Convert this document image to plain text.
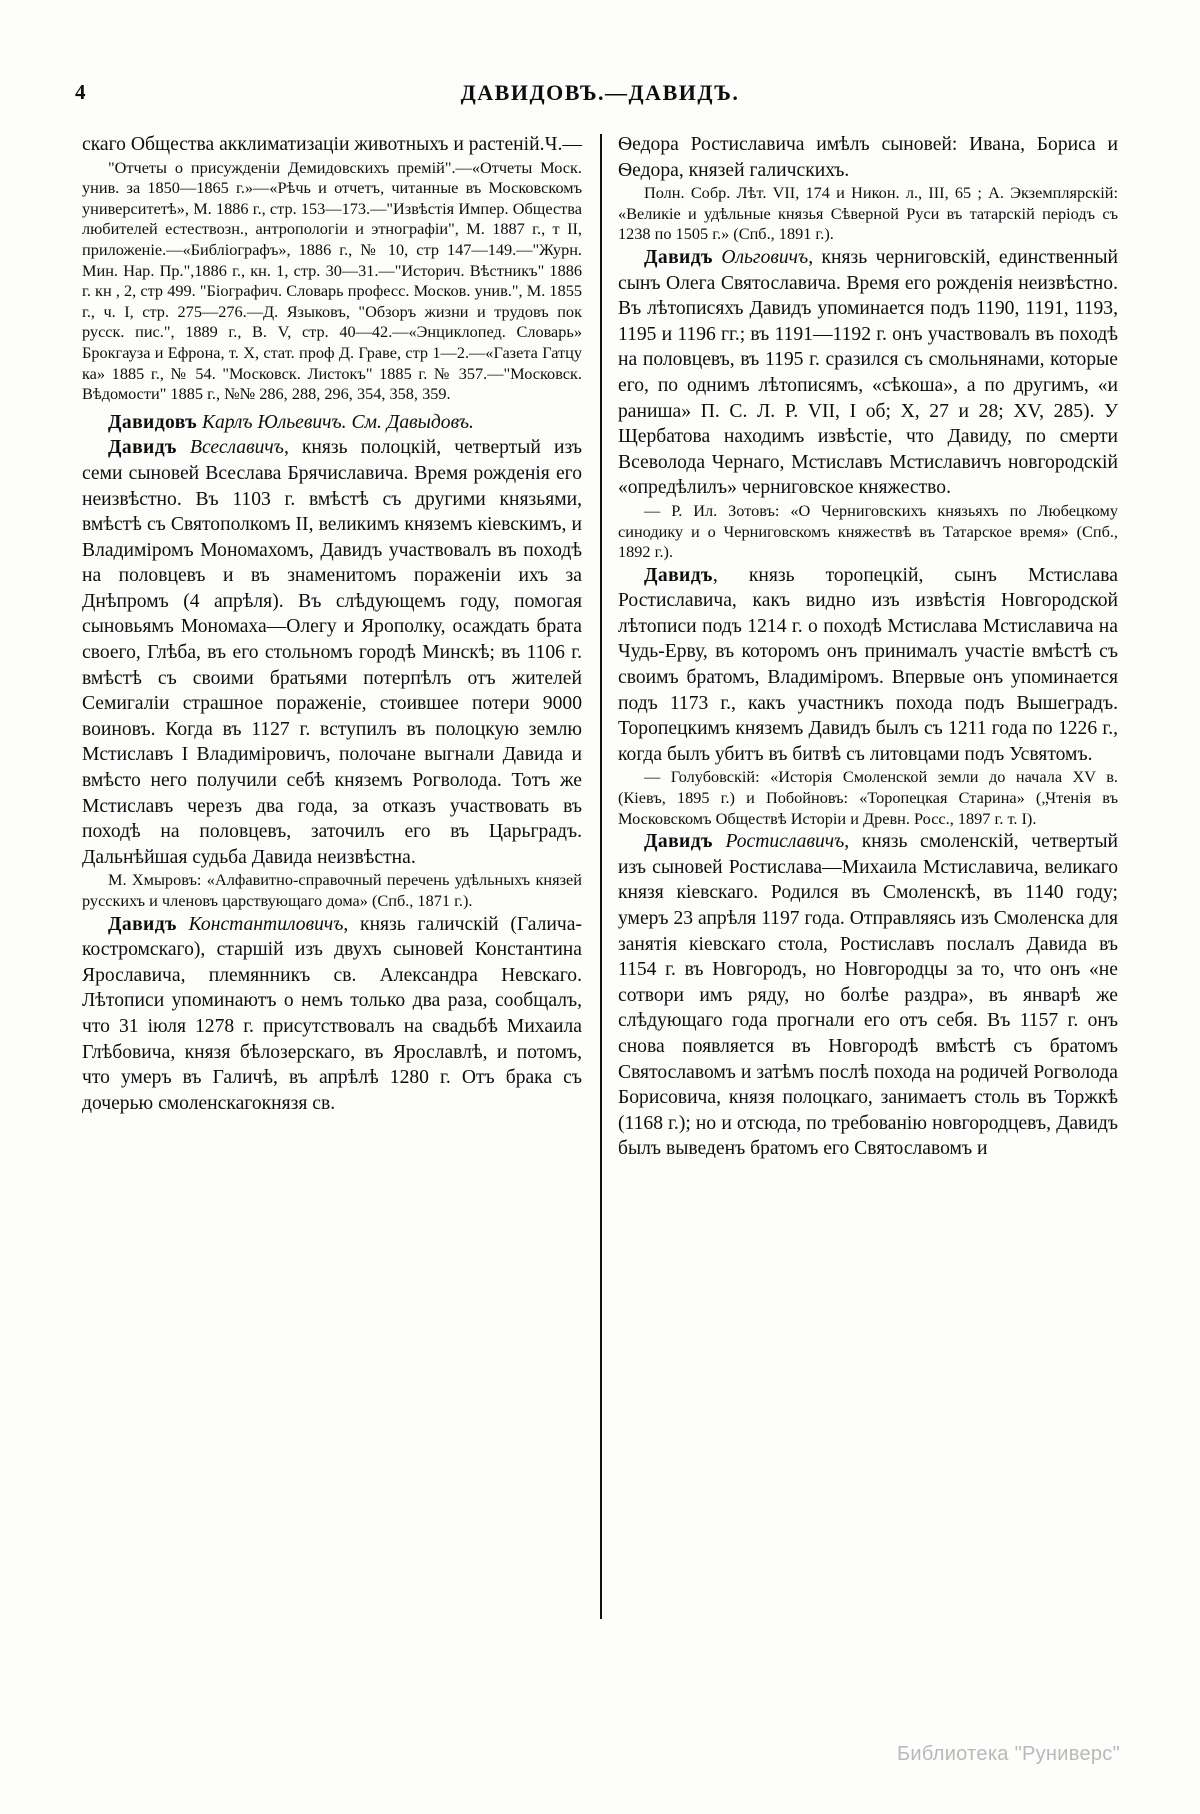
4	ДАВИДОВЪ.—ДАВИДЪ.

скаго Общества акклиматизаціи животныхъ и растеній. Ч.—

"Отчеты о присужденіи Демидовскихъ премій".—«Отчеты Моск. унив. за 1850—1865 г.»—«Рѣчь и отчетъ, читанные въ Московскомъ университетѣ», М. 1886 г., стр. 153—173.—"Извѣстія Импер. Общества любителей естествозн., антропологіи и этнографіи", М. 1887 г., т II, приложеніе.—«Библіографъ», 1886 г., № 10, стр 147—149.—"Журн. Мин. Нар. Пр.",1886 г., кн. 1, стр. 30—31.—"Историч. Вѣстникъ" 1886 г. кн , 2, стр 499. "Біографич. Словарь професс. Москов. унив.", М. 1855 г., ч. I, стр. 275—276.—Д. Языковъ, "Обзоръ жизни и трудовъ пок русск. пис.", 1889 г., В. V, стр. 40—42.—«Энциклопед. Словарь» Брокгауза и Ефрона, т. X, стат. проф Д. Граве, стр 1—2.—«Газета Гатцу ка» 1885 г., № 54. "Московск. Листокъ" 1885 г. № 357.—"Московск. Вѣдомости" 1885 г., №№ 286, 288, 296, 354, 358, 359.

Давидовъ Карлъ Юльевичъ. См. Давыдовъ.

Давидъ Всеславичъ, князь полоцкій, четвертый изъ семи сыновей Всеслава Брячиславича. Время рожденія его неизвѣстно. Въ 1103 г. вмѣстѣ съ другими князьями, вмѣстѣ съ Святополкомъ II, великимъ княземъ кіевскимъ, и Владиміромъ Мономахомъ, Давидъ участвовалъ въ походѣ на половцевъ и въ знаменитомъ пораженіи ихъ за Днѣпромъ (4 апрѣля). Въ слѣдующемъ году, помогая сыновьямъ Мономаха—Олегу и Ярополку, осаждать брата своего, Глѣба, въ его стольномъ городѣ Минскѣ; въ 1106 г. вмѣстѣ съ своими братьями потерпѣлъ отъ жителей Семигаліи страшное пораженіе, стоившее потери 9000 воиновъ. Когда въ 1127 г. вступилъ въ полоцкую землю Мстиславъ I Владиміровичъ, полочане выгнали Давида и вмѣсто него получили себѣ княземъ Рогволода. Тотъ же Мстиславъ черезъ два года, за отказъ участвовать въ походѣ на половцевъ, заточилъ его въ Царьградъ. Дальнѣйшая судьба Давида неизвѣстна.

М. Хмыровъ: «Алфавитно-справочный перечень удѣльныхъ князей русскихъ и членовъ царствующаго дома» (Спб., 1871 г.).

Давидъ Константиловичъ, князь галичскій (Галича-костромскаго), старшій изъ двухъ сыновей Константина Ярославича, племянникъ св. Александра Невскаго. Лѣтописи упоминаютъ о немъ только два раза, сообщалъ, что 31 іюля 1278 г. присутствовалъ на свадьбѣ Михаила Глѣбовича, князя бѣлозерскаго, въ Ярославлѣ, и потомъ, что умеръ въ Галичѣ, въ апрѣлѣ 1280 г. Отъ брака съ дочерью смоленскагокнязя св.

Ѳедора Ростиславича имѣлъ сыновей: Ивана, Бориса и Ѳедора, князей галичскихъ.

Полн. Собр. Лѣт. VII, 174 и Никон. л., III, 65 ; А. Экземплярскій: «Великіе и удѣльные князья Сѣверной Руси въ татарскій періодъ съ 1238 по 1505 г.» (Спб., 1891 г.).

Давидъ Ольговичъ, князь черниговскій, единственный сынъ Олега Святославича. Время его рожденія неизвѣстно. Въ лѣтописяхъ Давидъ упоминается подъ 1190, 1191, 1193, 1195 и 1196 гг.; въ 1191—1192 г. онъ участвовалъ въ походѣ на половцевъ, въ 1195 г. сразился съ смольнянами, которые его, по однимъ лѣтописямъ, «сѣкоша», а по другимъ, «и раниша» П. С. Л. Р. VII, I об; X, 27 и 28; XV, 285). У Щербатова находимъ извѣстіе, что Давиду, по смерти Всеволода Чернаго, Мстиславъ Мстиславичъ новгородскій «опредѣлилъ» черниговское княжество.

— Р. Ил. Зотовъ: «О Черниговскихъ князьяхъ по Любецкому синодику и о Черниговскомъ княжествѣ въ Татарское время» (Спб., 1892 г.).

Давидъ, князь торопецкій, сынъ Мстислава Ростиславича, какъ видно изъ извѣстія Новгородской лѣтописи подъ 1214 г. о походѣ Мстислава Мстиславича на Чудь-Ерву, въ которомъ онъ принималъ участіе вмѣстѣ съ своимъ братомъ, Владиміромъ. Впервые онъ упоминается подъ 1173 г., какъ участникъ похода подъ Вышеградъ. Торопецкимъ княземъ Давидъ былъ съ 1211 года по 1226 г., когда былъ убитъ въ битвѣ съ литовцами подъ Усвятомъ.

— Голубовскій: «Исторія Смоленской земли до начала XV в. (Кіевъ, 1895 г.) и Побойновъ: «Торопецкая Старина» („Чтенія въ Московскомъ Обществѣ Исторіи и Древн. Росс., 1897 г. т. I).

Давидъ Ростиславичъ, князь смоленскій, четвертый изъ сыновей Ростислава—Михаила Мстиславича, великаго князя кіевскаго. Родился въ Смоленскѣ, въ 1140 году; умеръ 23 апрѣля 1197 года. Отправляясь изъ Смоленска для занятія кіевскаго стола, Ростиславъ послалъ Давида въ 1154 г. въ Новгородъ, но Новгородцы за то, что онъ «не сотвори имъ ряду, но болѣе раздра», въ январѣ же слѣдующаго года прогнали его отъ себя. Въ 1157 г. онъ снова появляется въ Новгородѣ вмѣстѣ съ братомъ Святославомъ и затѣмъ послѣ похода на родичей Рогволода Борисовича, князя полоцкаго, занимаетъ столь въ Торжкѣ (1168 г.); но и отсюда, по требованію новгородцевъ, Давидъ былъ выведенъ братомъ его Святославомъ и

Библиотека "Руниверс"
